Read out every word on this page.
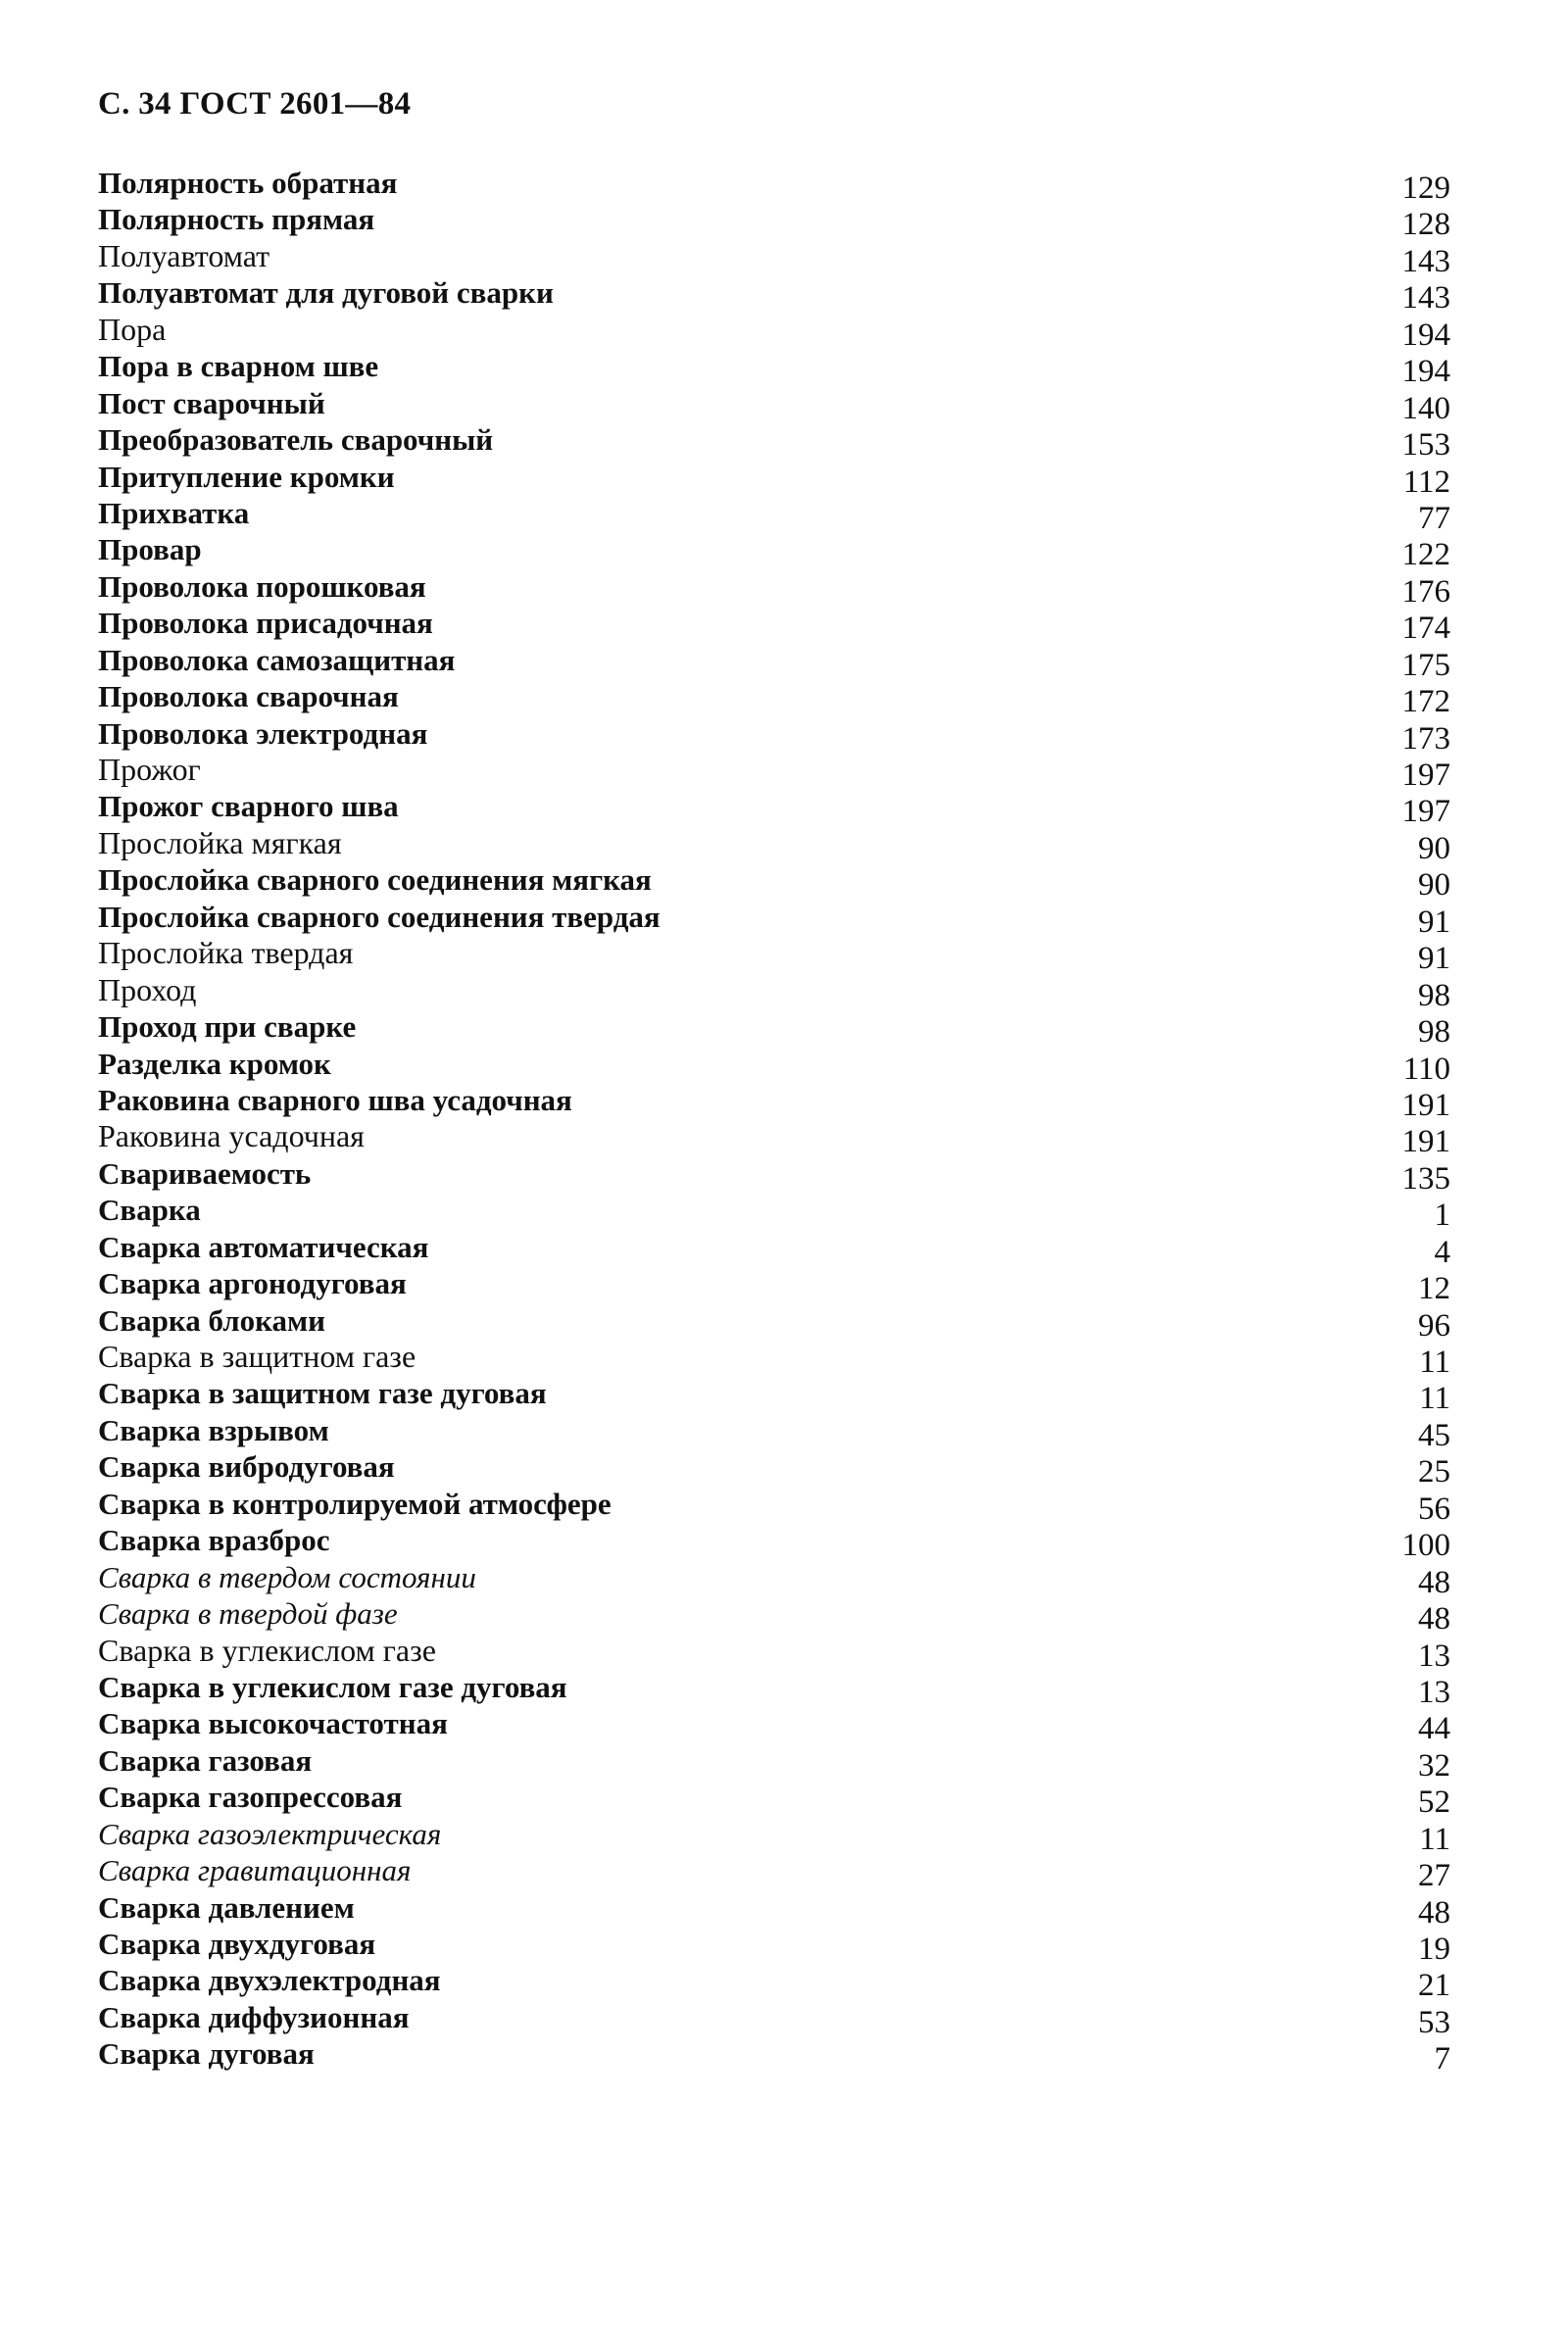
С. 34 ГОСТ 2601—84
Полярность обратная	129
Полярность прямая	128
Полуавтомат	143
Полуавтомат для дуговой сварки	143
Пора	194
Пора в сварном шве	194
Пост сварочный	140
Преобразователь сварочный	153
Притупление кромки	112
Прихватка	77
Провар	122
Проволока порошковая	176
Проволока присадочная	174
Проволока самозащитная	175
Проволока сварочная	172
Проволока электродная	173
Прожог	197
Прожог сварного шва	197
Прослойка мягкая	90
Прослойка сварного соединения мягкая	90
Прослойка сварного соединения твердая	91
Прослойка твердая	91
Проход	98
Проход при сварке	98
Разделка кромок	110
Раковина сварного шва усадочная	191
Раковина усадочная	191
Свариваемость	135
Сварка	1
Сварка автоматическая	4
Сварка аргонодуговая	12
Сварка блоками	96
Сварка в защитном газе	11
Сварка в защитном газе дуговая	11
Сварка взрывом	45
Сварка вибродуговая	25
Сварка в контролируемой атмосфере	56
Сварка вразброс	100
Сварка в твердом состоянии	48
Сварка в твердой фазе	48
Сварка в углекислом газе	13
Сварка в углекислом газе дуговая	13
Сварка высокочастотная	44
Сварка газовая	32
Сварка газопрессовая	52
Сварка газоэлектрическая	11
Сварка гравитационная	27
Сварка давлением	48
Сварка двухдуговая	19
Сварка двухэлектродная	21
Сварка диффузионная	53
Сварка дуговая	7
